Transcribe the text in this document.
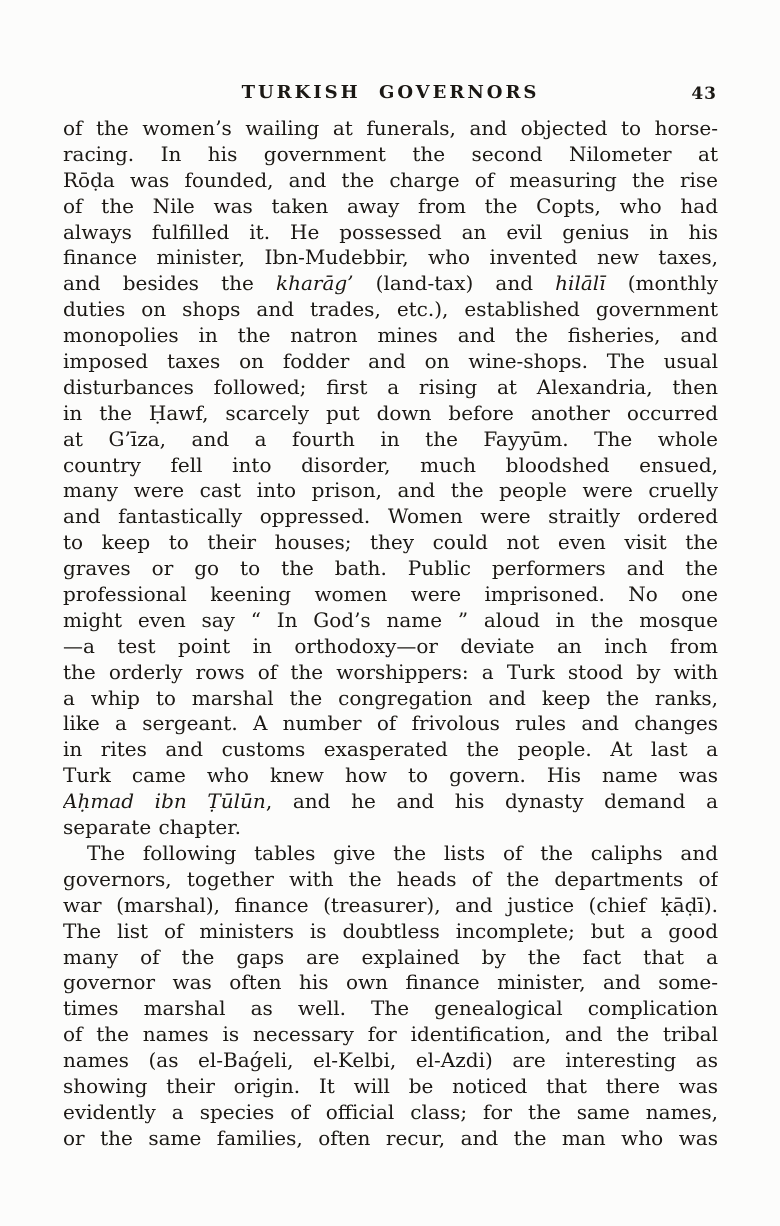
TURKISH GOVERNORS	43
of the women’s wailing at funerals, and objected to horse-
racing. In his government the second Nilometer at
Rōḍa was founded, and the charge of measuring the rise
of the Nile was taken away from the Copts, who had
always fulfilled it. He possessed an evil genius in his
finance minister, Ibn-Mudebbir, who invented new taxes,
and besides the kharāg’ (land-tax) and hilālī (monthly
duties on shops and trades, etc.), established government
monopolies in the natron mines and the fisheries, and
imposed taxes on fodder and on wine-shops. The usual
disturbances followed; first a rising at Alexandria, then
in the Ḥawf, scarcely put down before another occurred
at G’īza, and a fourth in the Fayyūm. The whole
country fell into disorder, much bloodshed ensued,
many were cast into prison, and the people were cruelly
and fantastically oppressed. Women were straitly ordered
to keep to their houses; they could not even visit the
graves or go to the bath. Public performers and the
professional keening women were imprisoned. No one
might even say “ In God’s name ” aloud in the mosque
—a test point in orthodoxy—or deviate an inch from
the orderly rows of the worshippers: a Turk stood by with
a whip to marshal the congregation and keep the ranks,
like a sergeant. A number of frivolous rules and changes
in rites and customs exasperated the people. At last a
Turk came who knew how to govern. His name was
Aḥmad ibn Ṭūlūn, and he and his dynasty demand a
separate chapter.
The following tables give the lists of the caliphs and
governors, together with the heads of the departments of
war (marshal), finance (treasurer), and justice (chief ḳāḍī).
The list of ministers is doubtless incomplete; but a good
many of the gaps are explained by the fact that a
governor was often his own finance minister, and some-
times marshal as well. The genealogical complication
of the names is necessary for identification, and the tribal
names (as el-Baǵeli, el-Kelbi, el-Azdi) are interesting as
showing their origin. It will be noticed that there was
evidently a species of official class; for the same names,
or the same families, often recur, and the man who was
